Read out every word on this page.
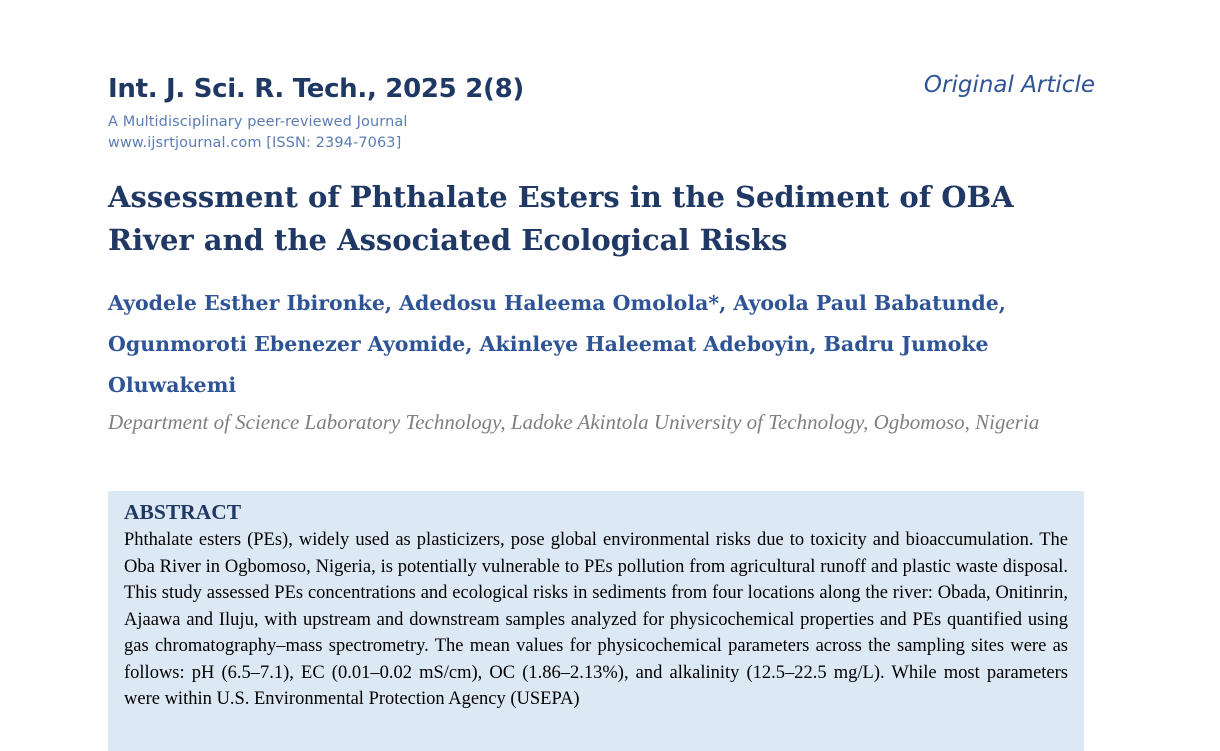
Int. J. Sci. R. Tech., 2025 2(8)	Original Article
A Multidisciplinary peer-reviewed Journal
www.ijsrtjournal.com [ISSN: 2394-7063]
Assessment of Phthalate Esters in the Sediment of OBA River and the Associated Ecological Risks
Ayodele Esther Ibironke, Adedosu Haleema Omolola*, Ayoola Paul Babatunde, Ogunmoroti Ebenezer Ayomide, Akinleye Haleemat Adeboyin, Badru Jumoke Oluwakemi
Department of Science Laboratory Technology, Ladoke Akintola University of Technology, Ogbomoso, Nigeria
ABSTRACT

Phthalate esters (PEs), widely used as plasticizers, pose global environmental risks due to toxicity and bioaccumulation. The Oba River in Ogbomoso, Nigeria, is potentially vulnerable to PEs pollution from agricultural runoff and plastic waste disposal. This study assessed PEs concentrations and ecological risks in sediments from four locations along the river: Obada, Onitinrin, Ajaawa and Iluju, with upstream and downstream samples analyzed for physicochemical properties and PEs quantified using gas chromatography–mass spectrometry. The mean values for physicochemical parameters across the sampling sites were as follows: pH (6.5–7.1), EC (0.01–0.02 mS/cm), OC (1.86–2.13%), and alkalinity (12.5–22.5 mg/L). While most parameters were within U.S. Environmental Protection Agency (USEPA)
